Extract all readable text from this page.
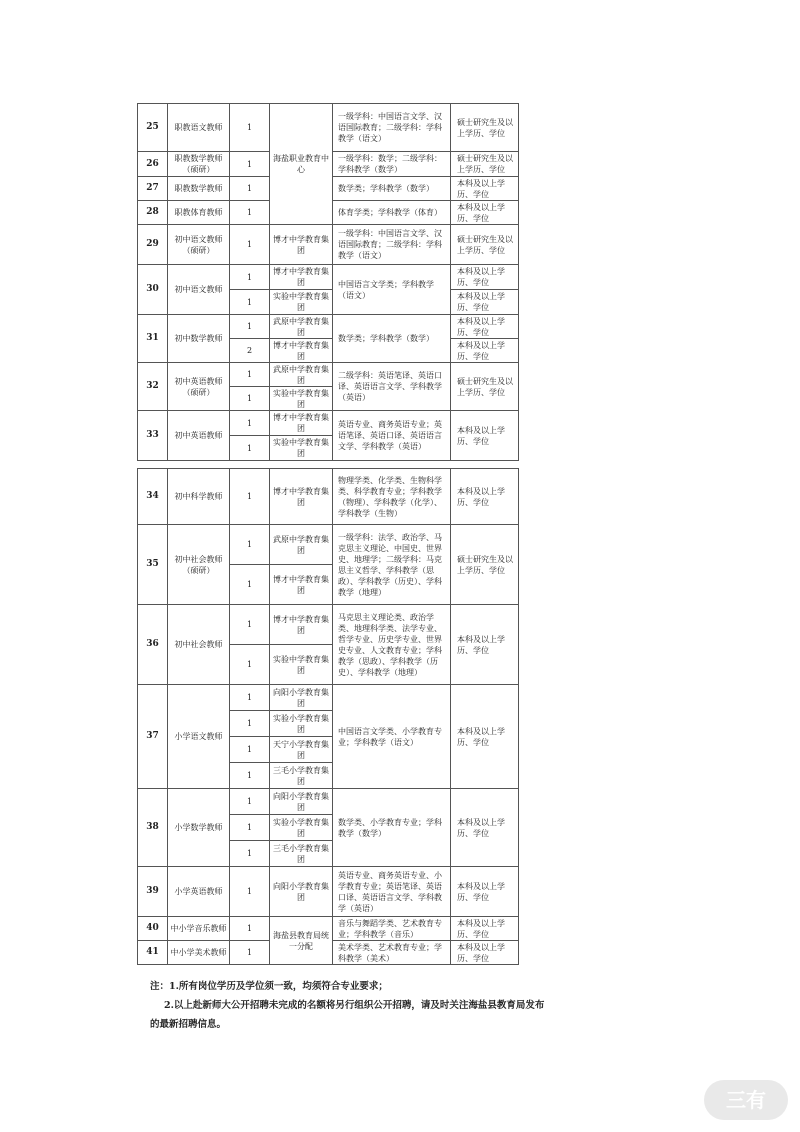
25	职教语文教师	1	海盐职业教育中心	一级学科：中国语言文学、汉语国际教育；二级学科：学科教学（语文）	硕士研究生及以上学历、学位
26	职教数学教师（硕研）	1		一级学科：数学；二级学科：学科教学（数学）	硕士研究生及以上学历、学位
27	职教数学教师	1		数学类；学科教学（数学）	本科及以上学历、学位
28	职教体育教师	1		体育学类；学科教学（体育）	本科及以上学历、学位
29	初中语文教师（硕研）	1	博才中学教育集团	一级学科：中国语言文学、汉语国际教育；二级学科：学科教学（语文）	硕士研究生及以上学历、学位
30	初中语文教师	1	博才中学教育集团	中国语言文学类；学科教学（语文）	本科及以上学历、学位
		1	实验中学教育集团		本科及以上学历、学位
31	初中数学教师	1	武原中学教育集团	数学类；学科教学（数学）	本科及以上学历、学位
		2	博才中学教育集团		本科及以上学历、学位
32	初中英语教师（硕研）	1	武原中学教育集团	二级学科：英语笔译、英语口译、英语语言文学、学科教学（英语）	硕士研究生及以上学历、学位
		1	实验中学教育集团		
33	初中英语教师	1	博才中学教育集团	英语专业、商务英语专业；英语笔译、英语口译、英语语言文学、学科教学（英语）	本科及以上学历、学位
		1	实验中学教育集团		
34	初中科学教师	1	博才中学教育集团	物理学类、化学类、生物科学类、科学教育专业；学科教学（物理）、学科教学（化学）、学科教学（生物）	本科及以上学历、学位
35	初中社会教师（硕研）	1	武原中学教育集团	一级学科：法学、政治学、马克思主义理论、中国史、世界史、地理学；二级学科：马克思主义哲学、学科教学（思政）、学科教学（历史）、学科教学（地理）	硕士研究生及以上学历、学位
		1	博才中学教育集团		
36	初中社会教师	1	博才中学教育集团	马克思主义理论类、政治学类、地理科学类、法学专业、哲学专业、历史学专业、世界史专业、人文教育专业；学科教学（思政）、学科教学（历史）、学科教学（地理）	本科及以上学历、学位
		1	实验中学教育集团		
37	小学语文教师	1	向阳小学教育集团	中国语言文学类、小学教育专业；学科教学（语文）	本科及以上学历、学位
		1	实验小学教育集团		
		1	天宁小学教育集团		
		1	三毛小学教育集团		
38	小学数学教师	1	向阳小学教育集团	数学类、小学教育专业；学科教学（数学）	本科及以上学历、学位
		1	实验小学教育集团		
		1	三毛小学教育集团		
39	小学英语教师	1	向阳小学教育集团	英语专业、商务英语专业、小学教育专业；英语笔译、英语口译、英语语言文学、学科教学（英语）	本科及以上学历、学位
40	中小学音乐教师	1	海盐县教育局统一分配	音乐与舞蹈学类、艺术教育专业；学科教学（音乐）	本科及以上学历、学位
41	中小学美术教师	1		美术学类、艺术教育专业；学科教学（美术）	本科及以上学历、学位

注：1.所有岗位学历及学位须一致，均须符合专业要求；

2.以上赴新师大公开招聘未完成的名额将另行组织公开招聘，请及时关注海盐县教育局发布的最新招聘信息。

三有
